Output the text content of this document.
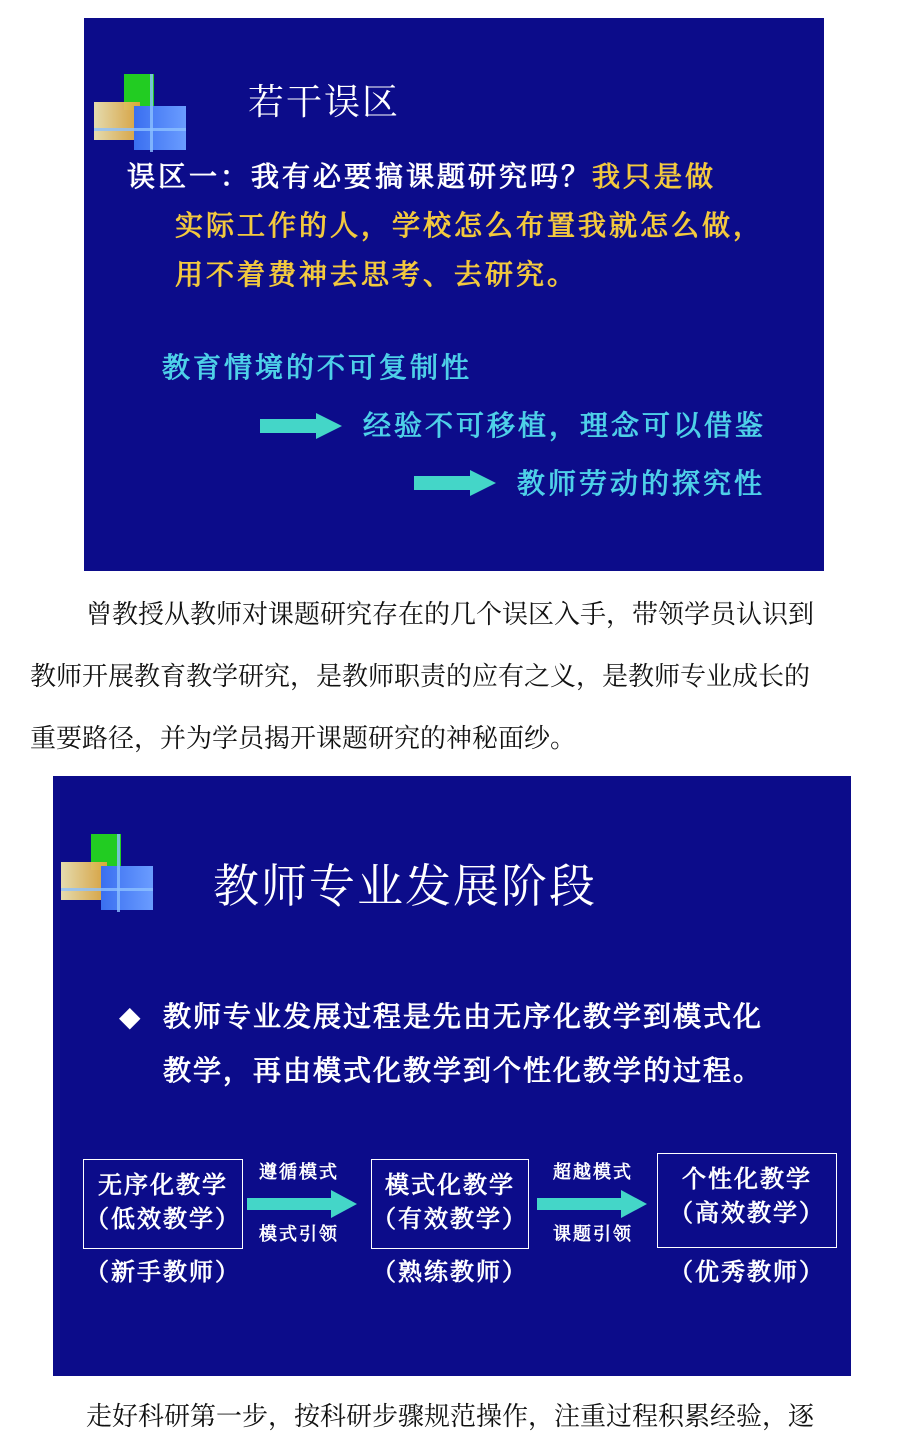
若干误区
误区一：我有必要搞课题研究吗？我只是做
实际工作的人，学校怎么布置我就怎么做，
用不着费神去思考、去研究。
教育情境的不可复制性
经验不可移植，理念可以借鉴
教师劳动的探究性

曾教授从教师对课题研究存在的几个误区入手，带领学员认识到

教师开展教育教学研究，是教师职责的应有之义，是教师专业成长的
重要路径，并为学员揭开课题研究的神秘面纱。
教师专业发展阶段
◆ 教师专业发展过程是先由无序化教学到模式化
教学，再由模式化教学到个性化教学的过程。
无序化教学
（低效教学）
（新手教师）
遵循模式
模式引领
模式化教学
（有效教学）
（熟练教师）
超越模式
课题引领
个性化教学
（高效教学）
（优秀教师）

走好科研第一步，按科研步骤规范操作，注重过程积累经验，逐
